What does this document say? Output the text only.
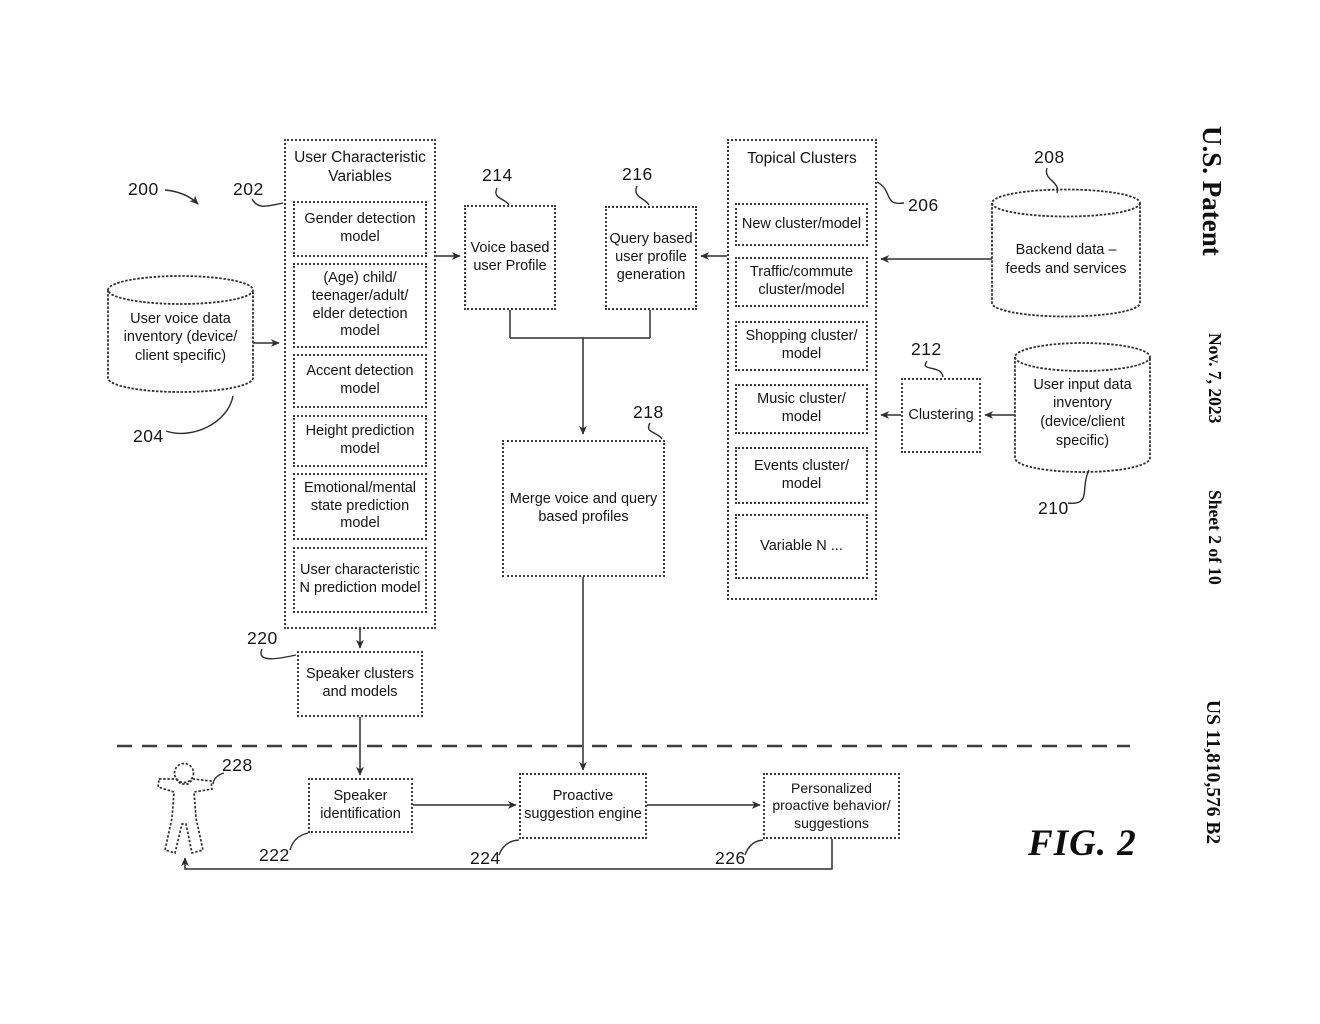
U.S. Patent
Nov. 7, 2023
Sheet 2 of 10
US 11,810,576 B2
FIG. 2
200	202
204
206
208
210
212
214	216
218
220
222	224	226
228
User Characteristic Variables
Gender detection model
(Age) child/ teenager/adult/ elder detection model
Accent detection model
Height prediction model
Emotional/mental state prediction model
User characteristic N prediction model
Topical Clusters
New cluster/model
Traffic/commute cluster/model
Shopping cluster/ model
Music cluster/ model
Events cluster/ model
Variable N ...
Voice based user Profile
Query based user profile generation
Merge voice and query based profiles
Speaker clusters and models
Clustering
Speaker identification
Proactive suggestion engine
Personalized proactive behavior/ suggestions
User voice data inventory (device/ client specific)
Backend data – feeds and services
User input data inventory (device/client specific)
